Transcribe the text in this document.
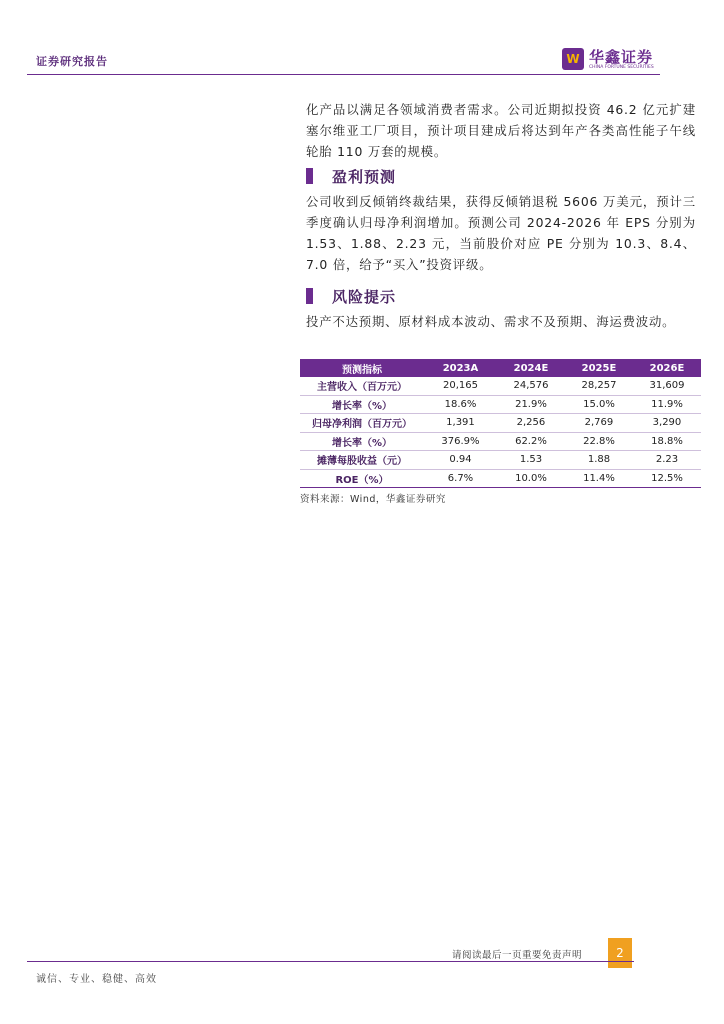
证券研究报告	W 华鑫证券
CHINA FORTUNE SECURITIES
化产品以满足各领域消费者需求。公司近期拟投资 46.2 亿元扩建塞尔维亚工厂项目，预计项目建成后将达到年产各类高性能子午线轮胎 110 万套的规模。
盈利预测
公司收到反倾销终裁结果，获得反倾销退税 5606 万美元，预计三季度确认归母净利润增加。预测公司 2024-2026 年 EPS 分别为 1.53、1.88、2.23 元，当前股价对应 PE 分别为 10.3、8.4、7.0 倍，给予“买入”投资评级。
风险提示
投产不达预期、原材料成本波动、需求不及预期、海运费波动。
预测指标	2023A	2024E	2025E	2026E
主营收入（百万元）	20,165	24,576	28,257	31,609
增长率（%）	18.6%	21.9%	15.0%	11.9%
归母净利润（百万元）	1,391	2,256	2,769	3,290
增长率（%）	376.9%	62.2%	22.8%	18.8%
摊薄每股收益（元）	0.94	1.53	1.88	2.23
ROE（%）	6.7%	10.0%	11.4%	12.5%
资料来源：Wind，华鑫证券研究
请阅读最后一页重要免责声明	2
诚信、专业、稳健、高效
